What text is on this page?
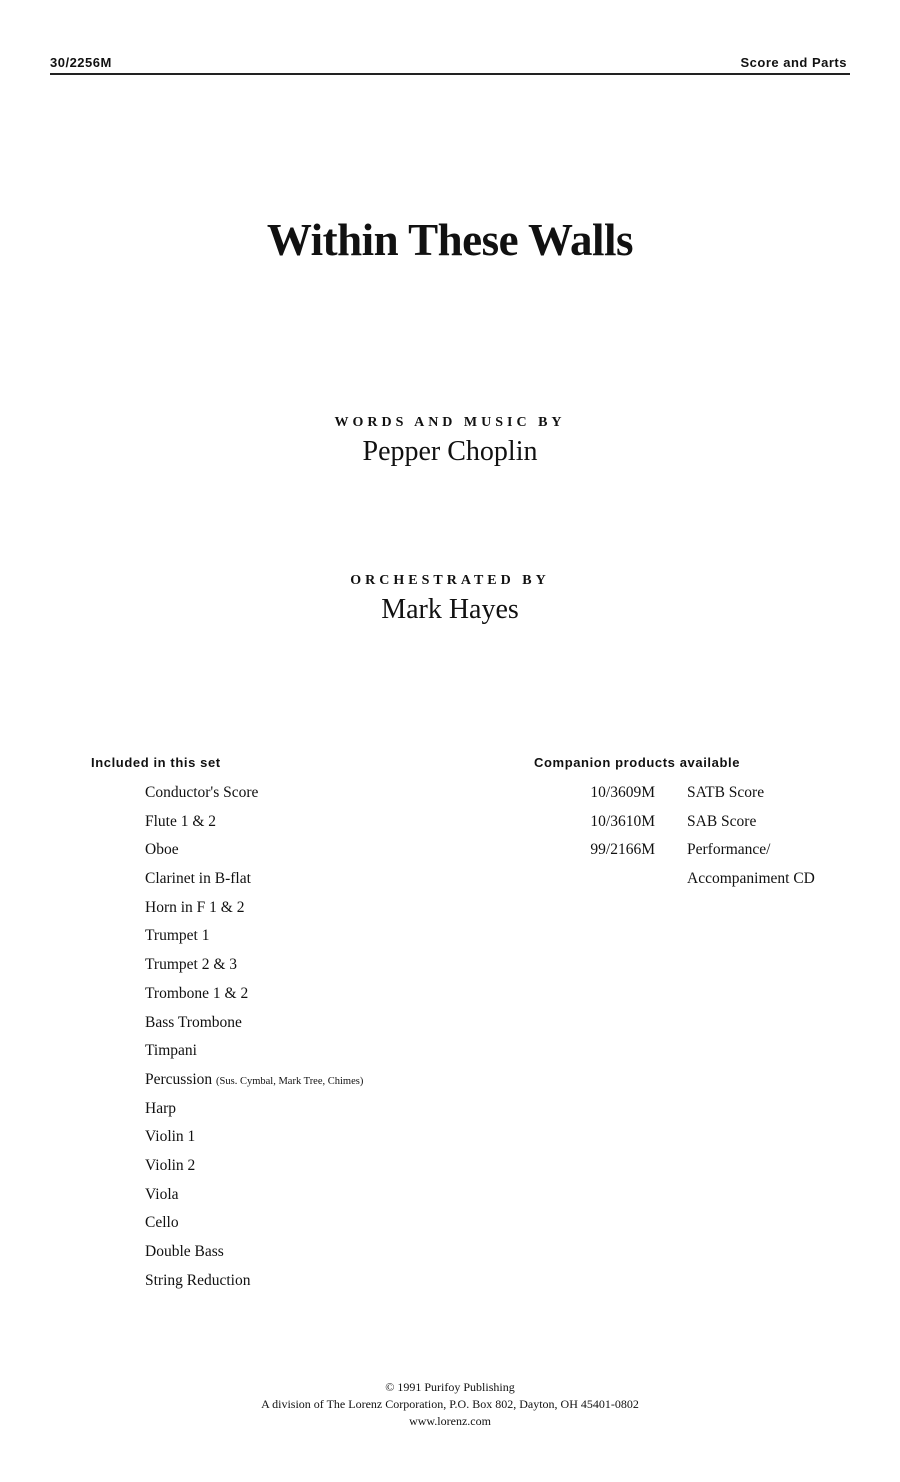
30/2256M	Score and Parts
Within These Walls
WORDS AND MUSIC BY
Pepper Choplin
ORCHESTRATED BY
Mark Hayes
Included in this set
Conductor's Score
Flute 1 & 2
Oboe
Clarinet in B-flat
Horn in F 1 & 2
Trumpet 1
Trumpet 2 & 3
Trombone 1 & 2
Bass Trombone
Timpani
Percussion (Sus. Cymbal, Mark Tree, Chimes)
Harp
Violin 1
Violin 2
Viola
Cello
Double Bass
String Reduction
Companion products available
10/3609M
10/3610M
99/2166M
SATB Score
SAB Score
Performance/
Accompaniment CD
© 1991 Purifoy Publishing
A division of The Lorenz Corporation, P.O. Box 802, Dayton, OH 45401-0802
www.lorenz.com
